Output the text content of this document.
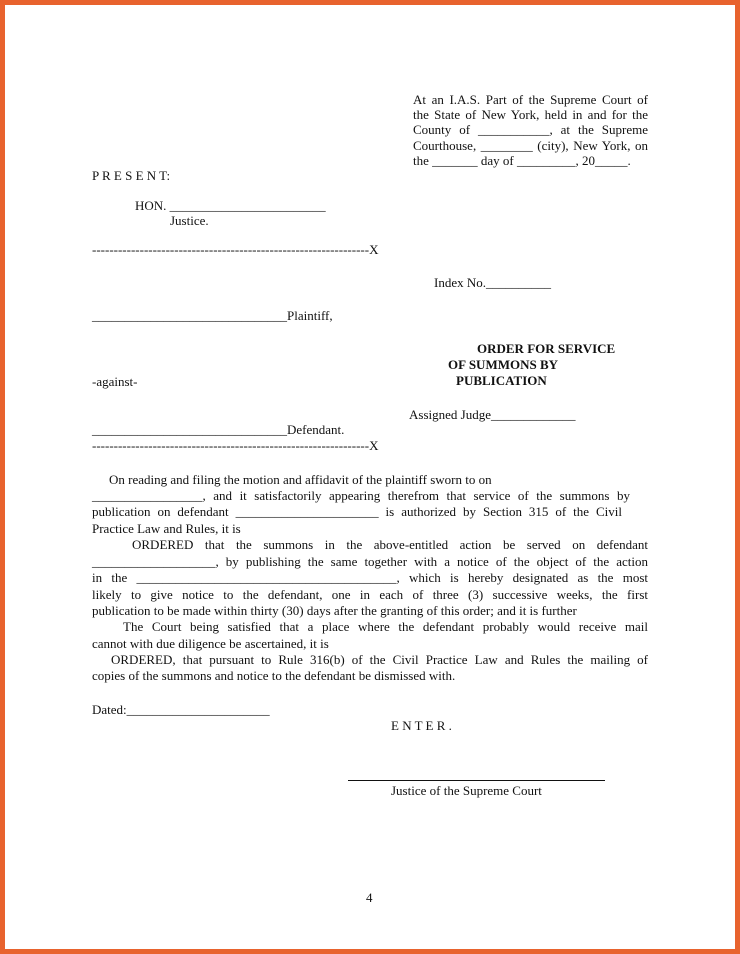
At an I.A.S. Part of the Supreme Court of
the State of New York, held in and for the
County of ___________, at the Supreme
Courthouse, ________ (city), New York, on
the _______ day of _________, 20_____.
P R E S E N T:
HON. ________________________
Justice.
----------------------------------------------------------------X
Index No.__________
______________________________Plaintiff,
ORDER FOR SERVICE
OF SUMMONS BY
PUBLICATION
-against-
Assigned Judge_____________
______________________________Defendant.
----------------------------------------------------------------X
On reading and filing the motion and affidavit of the plaintiff sworn to on
_________________, and it satisfactorily appearing therefrom that service of the summons by
publication on defendant ______________________ is authorized by Section 315 of the Civil
Practice Law and Rules, it is
ORDERED that the summons in the above-entitled action be served on defendant
___________________, by publishing the same together with a notice of the object of the action
in the ________________________________________, which is hereby designated as the most
likely to give notice to the defendant, one in each of three (3) successive weeks, the first
publication to be made within thirty (30) days after the granting of this order; and it is further
The Court being satisfied that a place where the defendant probably would receive mail
cannot with due diligence be ascertained, it is
ORDERED, that pursuant to Rule 316(b) of the Civil Practice Law and Rules the mailing of
copies of the summons and notice to the defendant be dismissed with.
Dated:______________________
E N T E R .
Justice of the Supreme Court
4
